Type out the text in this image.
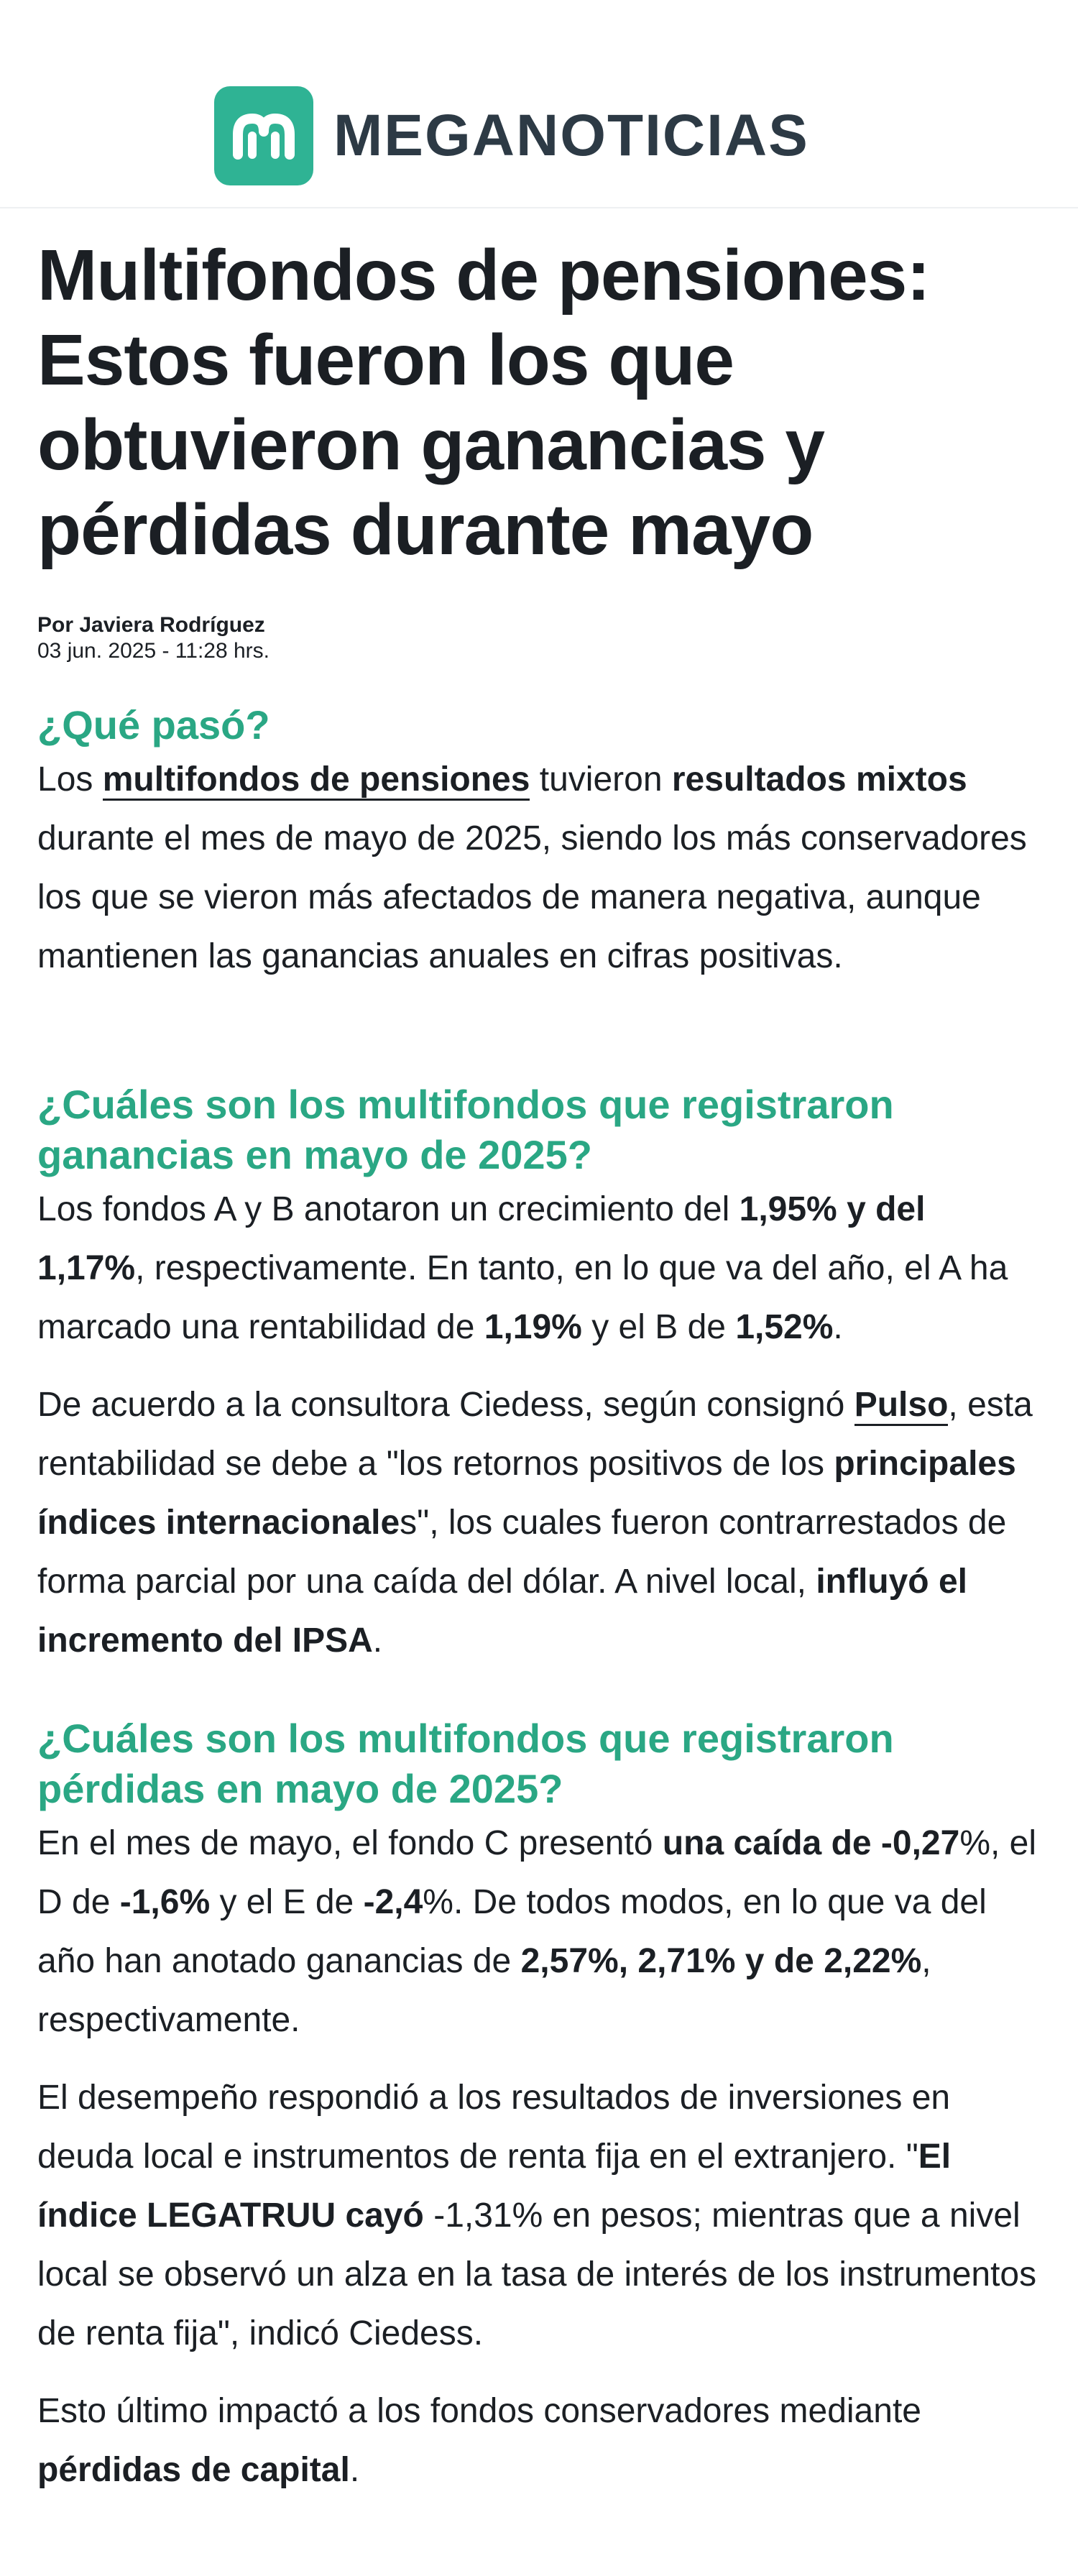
MEGANOTICIAS
Multifondos de pensiones: Estos fueron los que obtuvieron ganancias y pérdidas durante mayo
Por Javiera Rodríguez
03 jun. 2025 - 11:28 hrs.
¿Qué pasó?

Los multifondos de pensiones tuvieron resultados mixtos durante el mes de mayo de 2025, siendo los más conservadores los que se vieron más afectados de manera negativa, aunque mantienen las ganancias anuales en cifras positivas.

¿Cuáles son los multifondos que registraron ganancias en mayo de 2025?

Los fondos A y B anotaron un crecimiento del 1,95% y del 1,17%, respectivamente. En tanto, en lo que va del año, el A ha marcado una rentabilidad de 1,19% y el B de 1,52%.

De acuerdo a la consultora Ciedess, según consignó Pulso, esta rentabilidad se debe a "los retornos positivos de los principales índices internacionales", los cuales fueron contrarrestados de forma parcial por una caída del dólar. A nivel local, influyó el incremento del IPSA.

¿Cuáles son los multifondos que registraron pérdidas en mayo de 2025?

En el mes de mayo, el fondo C presentó una caída de -0,27%, el D de -1,6% y el E de -2,4%. De todos modos, en lo que va del año han anotado ganancias de 2,57%, 2,71% y de 2,22%, respectivamente.

El desempeño respondió a los resultados de inversiones en deuda local e instrumentos de renta fija en el extranjero. "El índice LEGATRUU cayó -1,31% en pesos; mientras que a nivel local se observó un alza en la tasa de interés de los instrumentos de renta fija", indicó Ciedess.

Esto último impactó a los fondos conservadores mediante pérdidas de capital.
